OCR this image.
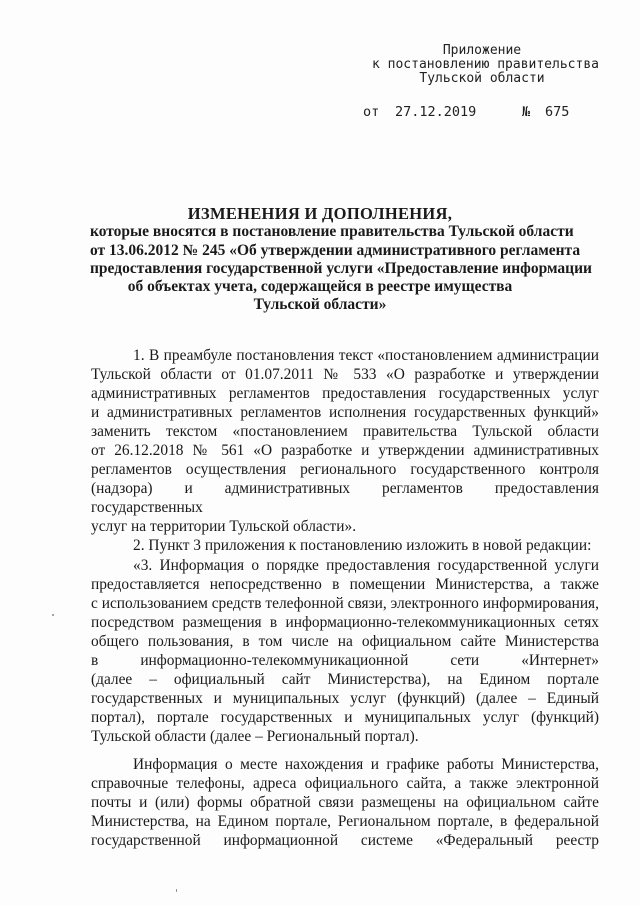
Приложение
к постановлению правительства
Тульской области
от 27.12.2019	№ 675
ИЗМЕНЕНИЯ И ДОПОЛНЕНИЯ,
которые вносятся в постановление правительства Тульской области
от 13.06.2012 № 245 «Об утверждении административного регламента
предоставления государственной услуги «Предоставление информации
об объектах учета, содержащейся в реестре имущества
Тульской области»

1. В преамбуле постановления текст «постановлением администрации

Тульской области от 01.07.2011 № 533 «О разработке и утверждении

административных регламентов предоставления государственных услуг

и административных регламентов исполнения государственных функций»

заменить текстом «постановлением правительства Тульской области

от 26.12.2018 № 561 «О разработке и утверждении административных

регламентов осуществления регионального государственного контроля

(надзора) и административных регламентов предоставления государственных

услуг на территории Тульской области».

2. Пункт 3 приложения к постановлению изложить в новой редакции:

«3. Информация о порядке предоставления государственной услуги

предоставляется непосредственно в помещении Министерства, а также

с использованием средств телефонной связи, электронного информирования,

посредством размещения в информационно-телекоммуникационных сетях

общего пользования, в том числе на официальном сайте Министерства

в информационно-телекоммуникационной сети «Интернет»

(далее – официальный сайт Министерства), на Едином портале

государственных и муниципальных услуг (функций) (далее – Единый

портал), портале государственных и муниципальных услуг (функций)

Тульской области (далее – Региональный портал).

Информация о месте нахождения и графике работы Министерства,

справочные телефоны, адреса официального сайта, а также электронной

почты и (или) формы обратной связи размещены на официальном сайте

Министерства, на Едином портале, Региональном портале, в федеральной

государственной информационной системе «Федеральный реестр
